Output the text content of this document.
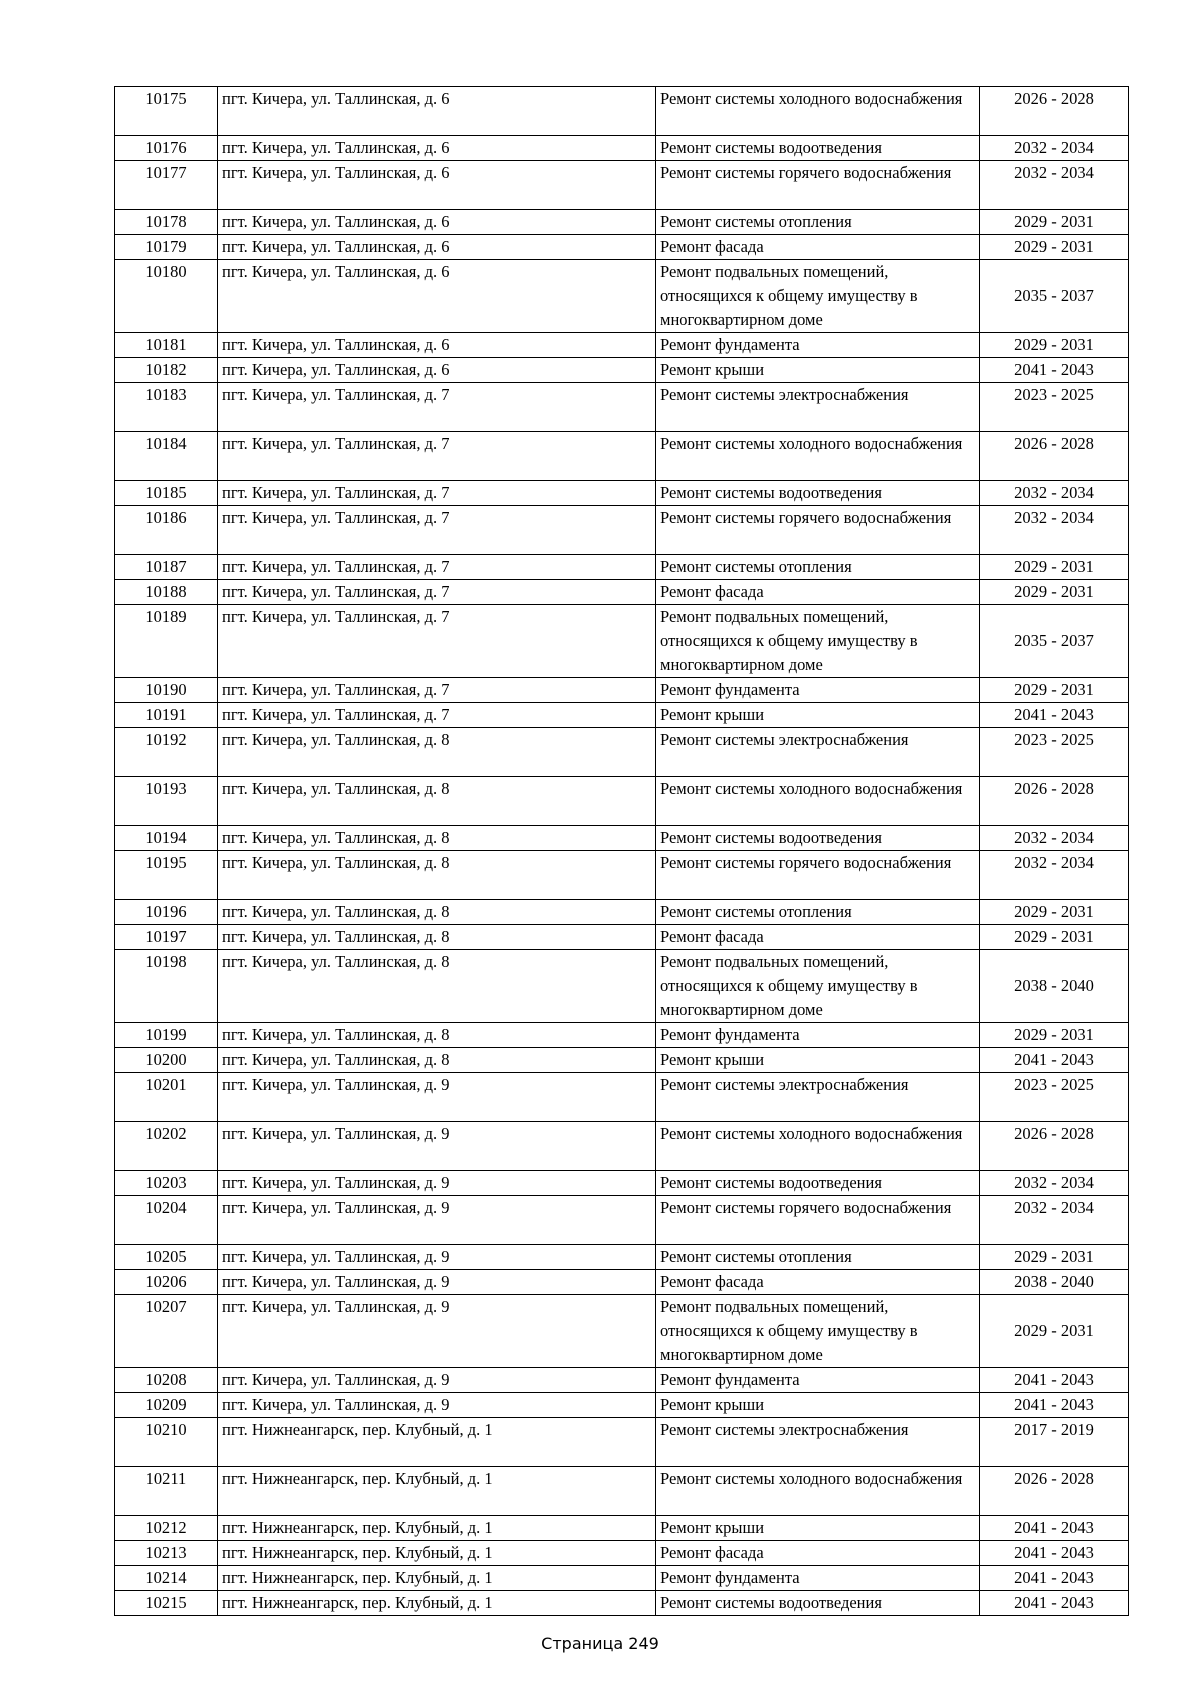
10175	пгт. Кичера, ул. Таллинская, д. 6	Ремонт системы холодного водоснабжения	2026 - 2028
10176	пгт. Кичера, ул. Таллинская, д. 6	Ремонт системы водоотведения	2032 - 2034
10177	пгт. Кичера, ул. Таллинская, д. 6	Ремонт системы горячего водоснабжения	2032 - 2034
10178	пгт. Кичера, ул. Таллинская, д. 6	Ремонт системы отопления	2029 - 2031
10179	пгт. Кичера, ул. Таллинская, д. 6	Ремонт фасада	2029 - 2031
10180	пгт. Кичера, ул. Таллинская, д. 6	Ремонт подвальных помещений, относящихся к общему имуществу в многоквартирном доме	2035 - 2037
10181	пгт. Кичера, ул. Таллинская, д. 6	Ремонт фундамента	2029 - 2031
10182	пгт. Кичера, ул. Таллинская, д. 6	Ремонт крыши	2041 - 2043
10183	пгт. Кичера, ул. Таллинская, д. 7	Ремонт системы электроснабжения	2023 - 2025
10184	пгт. Кичера, ул. Таллинская, д. 7	Ремонт системы холодного водоснабжения	2026 - 2028
10185	пгт. Кичера, ул. Таллинская, д. 7	Ремонт системы водоотведения	2032 - 2034
10186	пгт. Кичера, ул. Таллинская, д. 7	Ремонт системы горячего водоснабжения	2032 - 2034
10187	пгт. Кичера, ул. Таллинская, д. 7	Ремонт системы отопления	2029 - 2031
10188	пгт. Кичера, ул. Таллинская, д. 7	Ремонт фасада	2029 - 2031
10189	пгт. Кичера, ул. Таллинская, д. 7	Ремонт подвальных помещений, относящихся к общему имуществу в многоквартирном доме	2035 - 2037
10190	пгт. Кичера, ул. Таллинская, д. 7	Ремонт фундамента	2029 - 2031
10191	пгт. Кичера, ул. Таллинская, д. 7	Ремонт крыши	2041 - 2043
10192	пгт. Кичера, ул. Таллинская, д. 8	Ремонт системы электроснабжения	2023 - 2025
10193	пгт. Кичера, ул. Таллинская, д. 8	Ремонт системы холодного водоснабжения	2026 - 2028
10194	пгт. Кичера, ул. Таллинская, д. 8	Ремонт системы водоотведения	2032 - 2034
10195	пгт. Кичера, ул. Таллинская, д. 8	Ремонт системы горячего водоснабжения	2032 - 2034
10196	пгт. Кичера, ул. Таллинская, д. 8	Ремонт системы отопления	2029 - 2031
10197	пгт. Кичера, ул. Таллинская, д. 8	Ремонт фасада	2029 - 2031
10198	пгт. Кичера, ул. Таллинская, д. 8	Ремонт подвальных помещений, относящихся к общему имуществу в многоквартирном доме	2038 - 2040
10199	пгт. Кичера, ул. Таллинская, д. 8	Ремонт фундамента	2029 - 2031
10200	пгт. Кичера, ул. Таллинская, д. 8	Ремонт крыши	2041 - 2043
10201	пгт. Кичера, ул. Таллинская, д. 9	Ремонт системы электроснабжения	2023 - 2025
10202	пгт. Кичера, ул. Таллинская, д. 9	Ремонт системы холодного водоснабжения	2026 - 2028
10203	пгт. Кичера, ул. Таллинская, д. 9	Ремонт системы водоотведения	2032 - 2034
10204	пгт. Кичера, ул. Таллинская, д. 9	Ремонт системы горячего водоснабжения	2032 - 2034
10205	пгт. Кичера, ул. Таллинская, д. 9	Ремонт системы отопления	2029 - 2031
10206	пгт. Кичера, ул. Таллинская, д. 9	Ремонт фасада	2038 - 2040
10207	пгт. Кичера, ул. Таллинская, д. 9	Ремонт подвальных помещений, относящихся к общему имуществу в многоквартирном доме	2029 - 2031
10208	пгт. Кичера, ул. Таллинская, д. 9	Ремонт фундамента	2041 - 2043
10209	пгт. Кичера, ул. Таллинская, д. 9	Ремонт крыши	2041 - 2043
10210	пгт. Нижнеангарск, пер. Клубный, д. 1	Ремонт системы электроснабжения	2017 - 2019
10211	пгт. Нижнеангарск, пер. Клубный, д. 1	Ремонт системы холодного водоснабжения	2026 - 2028
10212	пгт. Нижнеангарск, пер. Клубный, д. 1	Ремонт крыши	2041 - 2043
10213	пгт. Нижнеангарск, пер. Клубный, д. 1	Ремонт фасада	2041 - 2043
10214	пгт. Нижнеангарск, пер. Клубный, д. 1	Ремонт фундамента	2041 - 2043
10215	пгт. Нижнеангарск, пер. Клубный, д. 1	Ремонт системы водоотведения	2041 - 2043
Страница 249
